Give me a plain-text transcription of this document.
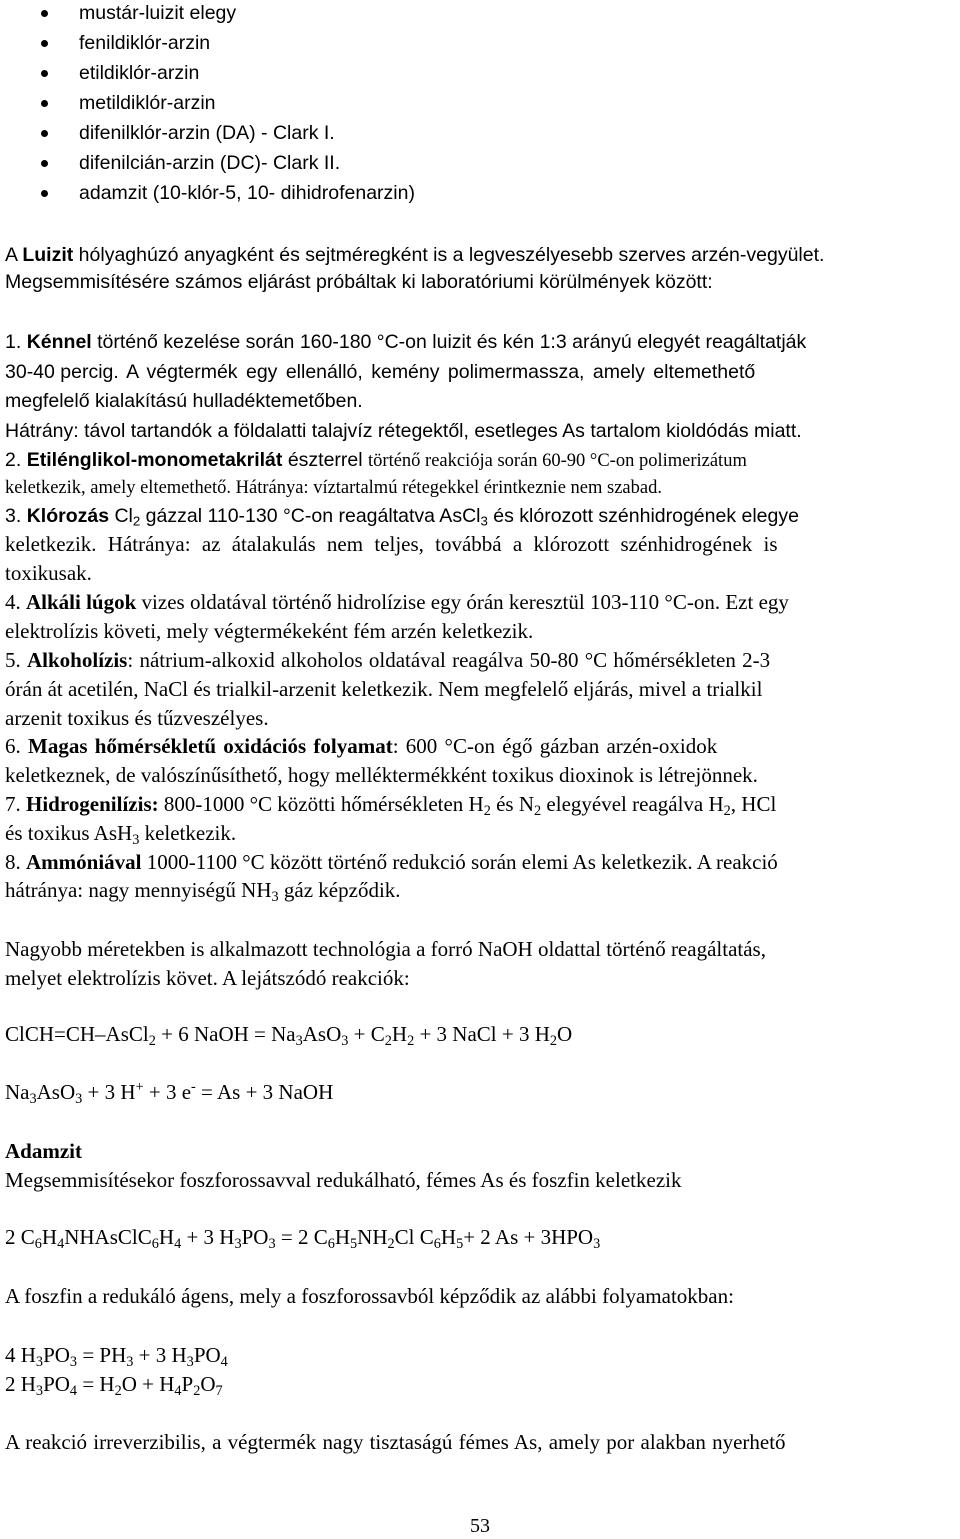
mustár-luizit elegy
fenildiklór-arzin
etildiklór-arzin
metildiklór-arzin
difenilklór-arzin (DA) - Clark I.
difenilcián-arzin (DC)- Clark II.
adamzit (10-klór-5, 10- dihidrofenarzin)
A Luizit hólyaghúzó anyagként és sejtméregként is a legveszélyesebb szerves arzén-vegyület.
Megsemmisítésére számos eljárást próbáltak ki laboratóriumi körülmények között:
1. Kénnel történő kezelése során 160-180 °C-on luizit és kén 1:3 arányú elegyét reagáltatják
30-40 percig. A végtermék egy ellenálló, kemény polimermassza, amely eltemethető
megfelelő kialakítású hulladéktemetőben.
Hátrány: távol tartandók a földalatti talajvíz rétegektől, esetleges As tartalom kioldódás miatt.
2. Etilénglikol-monometakrilát észterrel történő reakciója során 60-90 °C-on polimerizátum
keletkezik, amely eltemethető. Hátránya: víztartalmú rétegekkel érintkeznie nem szabad.
3. Klórozás $Cl_2$ gázzal 110-130 °C-on reagáltatva AsCl$_3$ és klórozott szénhidrogének elegye
keletkezik. Hátránya: az átalakulás nem teljes, továbbá a klórozott szénhidrogének is
toxikusak.
4. Alkáli lúgok vizes oldatával történő hidrolízise egy órán keresztül 103-110 °C-on. Ezt egy
elektrolízis követi, mely végtermékeként fém arzén keletkezik.
5. Alkoholízis: nátrium-alkoxid alkoholos oldatával reagálva 50-80 °C hőmérsékleten 2-3
órán át acetilén, NaCl és trialkil-arzenit keletkezik. Nem megfelelő eljárás, mivel a trialkil
arzenit toxikus és tűzveszélyes.
6. Magas hőmérsékletű oxidációs folyamat: 600 °C-on égő gázban arzén-oxidok
keletkeznek, de valószínűsíthető, hogy melléktermékként toxikus dioxinok is létrejönnek.
7. Hidrogenilízis: 800-1000 °C közötti hőmérsékleten $H_2$ és $N_2$ elegyével reagálva $H_2$, HCl
és toxikus AsH$_3$ keletkezik.
8. Ammóniával 1000-1100 °C között történő redukció során elemi As keletkezik. A reakció
hátránya: nagy mennyiségű $NH_3$ gáz képződik.
Nagyobb méretekben is alkalmazott technológia a forró NaOH oldattal történő reagáltatás,
melyet elektrolízis követ. A lejátszódó reakciók:
ClCH=CH–AsCl$_2$ + 6 NaOH = $Na_3AsO_3 + C_2H_2 + 3$ NaCl + 3 $H_2O$
$Na_3AsO_3 + 3$ H+ + 3 e- = As + 3 NaOH
Adamzit
Megsemmisítésekor foszforossavval redukálható, fémes As és foszfin keletkezik
2 $C_6H_4NHAsClC_6H_4 + 3$ $H_3PO_3 = 2$ $C_6H_5NH_2Cl$ $C_6H_5+ 2$ $As + 3HPO_3$
A foszfin a redukáló ágens, mely a foszforossavból képződik az alábbi folyamatokban:
4 $H_3PO_3 = PH_3 + 3$ $H_3PO_4$
2 $H_3PO_4 = H_2O + H_4P_2O_7$
A reakció irreverzibilis, a végtermék nagy tisztaságú fémes As, amely por alakban nyerhető
53
